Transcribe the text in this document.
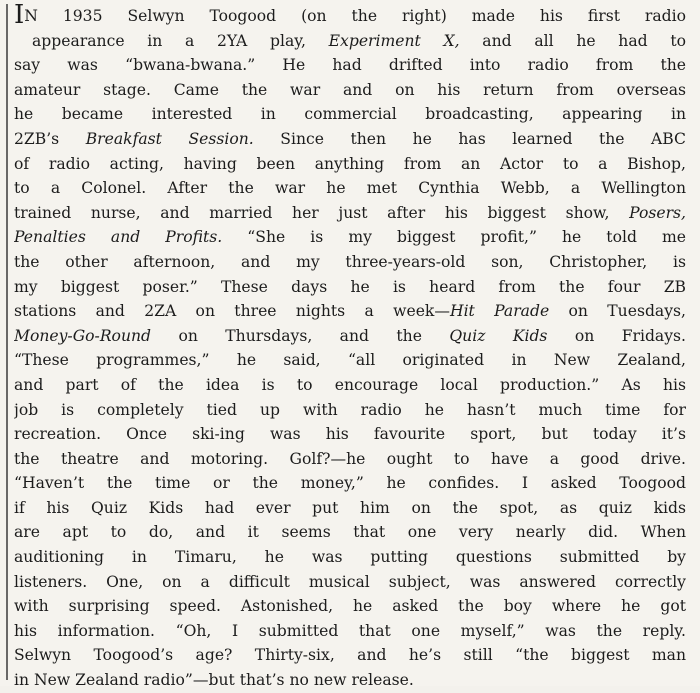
IN 1935 Selwyn Toogood (on the right) made his first radio
appearance in a 2YA play, Experiment X, and all he had to
say was “bwana-bwana.” He had drifted into radio from the
amateur stage. Came the war and on his return from overseas
he became interested in commercial broadcasting, appearing in
2ZB’s Breakfast Session. Since then he has learned the ABC
of radio acting, having been anything from an Actor to a Bishop,
to a Colonel. After the war he met Cynthia Webb, a Wellington
trained nurse, and married her just after his biggest show, Posers,
Penalties and Profits. “She is my biggest profit,” he told me
the other afternoon, and my three-years-old son, Christopher, is
my biggest poser.” These days he is heard from the four ZB
stations and 2ZA on three nights a week—Hit Parade on Tuesdays,
Money-Go-Round on Thursdays, and the Quiz Kids on Fridays.
“These programmes,” he said, “all originated in New Zealand,
and part of the idea is to encourage local production.” As his
job is completely tied up with radio he hasn’t much time for
recreation. Once ski-ing was his favourite sport, but today it’s
the theatre and motoring. Golf?—he ought to have a good drive.
“Haven’t the time or the money,” he confides. I asked Toogood
if his Quiz Kids had ever put him on the spot, as quiz kids
are apt to do, and it seems that one very nearly did. When
auditioning in Timaru, he was putting questions submitted by
listeners. One, on a difficult musical subject, was answered correctly
with surprising speed. Astonished, he asked the boy where he got
his information. “Oh, I submitted that one myself,” was the reply.
Selwyn Toogood’s age? Thirty-six, and he’s still “the biggest man
in New Zealand radio”—but that’s no new release.
